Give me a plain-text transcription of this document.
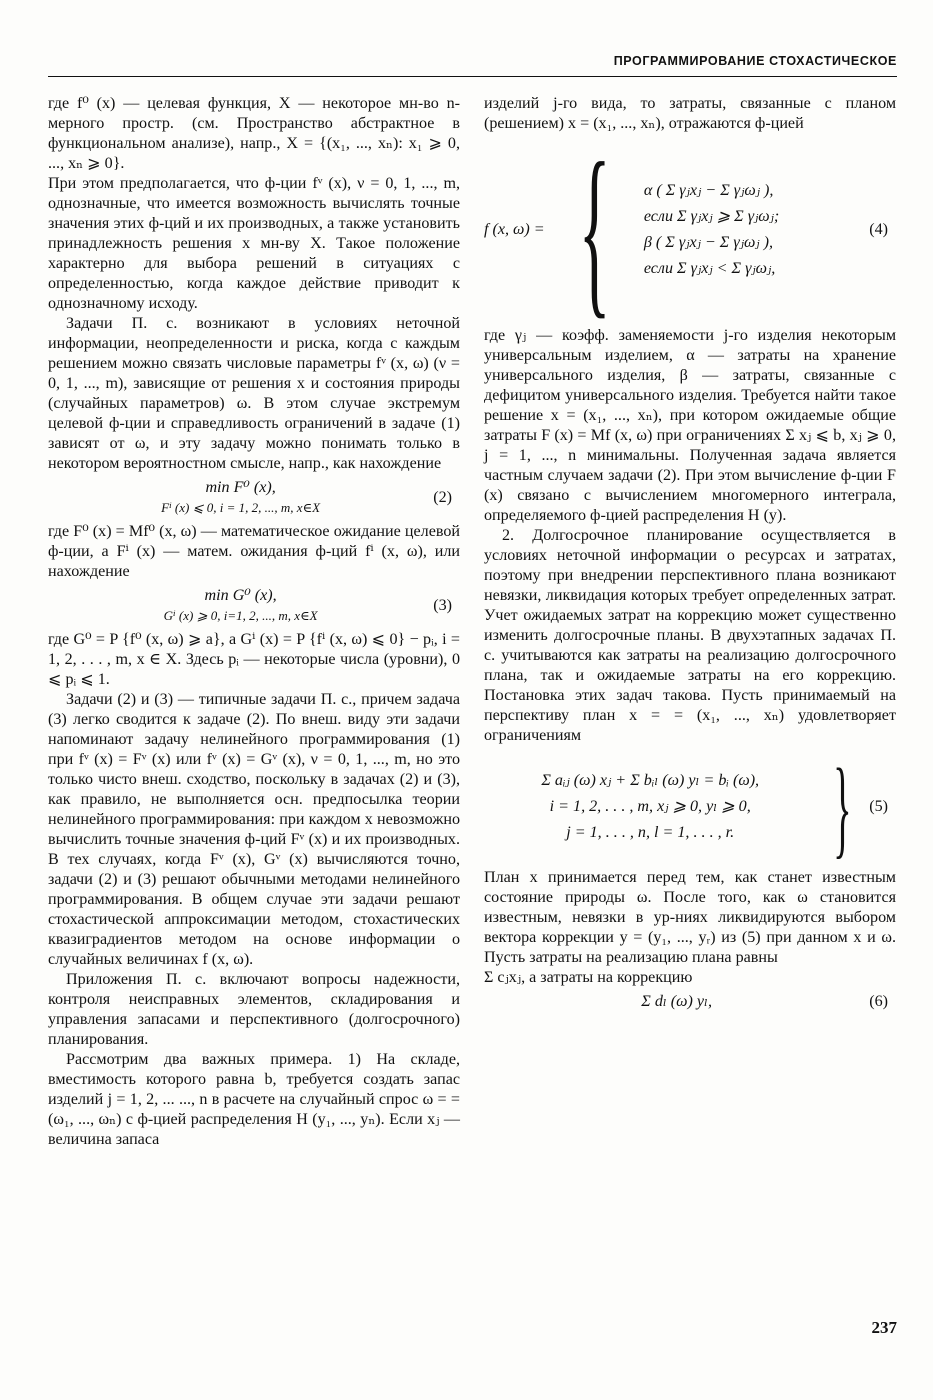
ПРОГРАММИРОВАНИЕ СТОХАСТИЧЕСКОЕ

где f⁰ (x) — целевая функция, X — некоторое мн-во n-мерного простр. (см. Пространство абстрактное в функциональном анализе), напр., X = {(x₁, ..., xₙ): x₁ ⩾ 0, ..., xₙ ⩾ 0}.

При этом предполагается, что ф-ции fᵛ (x), ν = 0, 1, ..., m, однозначные, что имеется возможность вычислять точные значения этих ф-ций и их производных, а также установить принадлежность решения x мн-ву X. Такое положение характерно для выбора решений в ситуациях с определенностью, когда каждое действие приводит к однозначному исходу.

Задачи П. с. возникают в условиях неточной информации, неопределенности и риска, когда с каждым решением можно связать числовые параметры fᵛ (x, ω) (ν = 0, 1, ..., m), зависящие от решения x и состояния природы (случайных параметров) ω. В этом случае экстремум целевой ф-ции и справедливость ограничений в задаче (1) зависят от ω, и эту задачу можно понимать только в некотором вероятностном смысле, напр., как нахождение

min F⁰ (x),
Fⁱ (x) ⩽ 0, i = 1, 2, ..., m, x∈X
(2)

где F⁰ (x) = Mf⁰ (x, ω) — математическое ожидание целевой ф-ции, а Fⁱ (x) — матем. ожидания ф-ций fⁱ (x, ω), или нахождение

min G⁰ (x),
Gⁱ (x) ⩾ 0, i=1, 2, ..., m, x∈X
(3)

где G⁰ = P {f⁰ (x, ω) ⩾ a}, а Gⁱ (x) = P {fⁱ (x, ω) ⩽ 0} − pᵢ, i = 1, 2, . . . , m, x ∈ X. Здесь pᵢ — некоторые числа (уровни), 0 ⩽ pᵢ ⩽ 1.

Задачи (2) и (3) — типичные задачи П. с., причем задача (3) легко сводится к задаче (2). По внеш. виду эти задачи напоминают задачу нелинейного программирования (1) при fᵛ (x) = Fᵛ (x) или fᵛ (x) = Gᵛ (x), ν = 0, 1, ..., m, но это только чисто внеш. сходство, поскольку в задачах (2) и (3), как правило, не выполняется осн. предпосылка теории нелинейного программирования: при каждом x невозможно вычислить точные значения ф-ций Fᵛ (x) и их производных. В тех случаях, когда Fᵛ (x), Gᵛ (x) вычисляются точно, задачи (2) и (3) решают обычными методами нелинейного программирования. В общем случае эти задачи решают стохастической аппроксимации методом, стохастических квазиградиентов методом на основе информации о случайных величинах f (x, ω).

Приложения П. с. включают вопросы надежности, контроля неисправных элементов, складирования и управления запасами и перспективного (долгосрочного) планирования.

Рассмотрим два важных примера. 1) На складе, вместимость которого равна b, требуется создать запас изделий j = 1, 2, ... ..., n в расчете на случайный спрос ω = = (ω₁, ..., ωₙ) с ф-цией распределения H (y₁, ..., yₙ). Если xⱼ — величина запаса

изделий j-го вида, то затраты, связанные с планом (решением) x = (x₁, ..., xₙ), отражаются ф-цией

f (x, ω) = { α ( Σ γⱼxⱼ − Σ γⱼωⱼ ),
если Σ γⱼxⱼ ⩾ Σ γⱼωⱼ;
β ( Σ γⱼxⱼ − Σ γⱼωⱼ ),
если Σ γⱼxⱼ < Σ γⱼωⱼ,
(4)

где γⱼ — коэфф. заменяемости j-го изделия некоторым универсальным изделием, α — затраты на хранение универсального изделия, β — затраты, связанные с дефицитом универсального изделия. Требуется найти такое решение x = (x₁, ..., xₙ), при котором ожидаемые общие затраты F (x) = Mf (x, ω) при ограничениях Σ xⱼ ⩽ b, xⱼ ⩾ 0, j = 1, ..., n минимальны. Полученная задача является частным случаем задачи (2). При этом вычисление ф-ции F (x) связано с вычислением многомерного интеграла, определяемого ф-цией распределения H (y).

2. Долгосрочное планирование осуществляется в условиях неточной информации о ресурсах и затратах, поэтому при внедрении перспективного плана возникают невязки, ликвидация которых требует определенных затрат. Учет ожидаемых затрат на коррекцию может существенно изменить долгосрочные планы. В двухэтапных задачах П. с. учитываются как затраты на реализацию долгосрочного плана, так и ожидаемые затраты на его коррекцию. Постановка этих задач такова. Пусть принимаемый на перспективу план x = = (x₁, ..., xₙ) удовлетворяет ограничениям

Σ aᵢⱼ (ω) xⱼ + Σ bᵢₗ (ω) yₗ = bᵢ (ω),
i = 1, 2, . . . , m, xⱼ ⩾ 0, yₗ ⩾ 0,
j = 1, . . . , n, l = 1, . . . , r. } (5)

План x принимается перед тем, как станет известным состояние природы ω. После того, как ω становится известным, невязки в ур-ниях ликвидируются выбором вектора коррекции y = (y₁, ..., yᵣ) из (5) при данном x и ω. Пусть затраты на реализацию плана равны

Σ cⱼxⱼ, а затраты на коррекцию

Σ dₗ (ω) yₗ,	(6)
237
